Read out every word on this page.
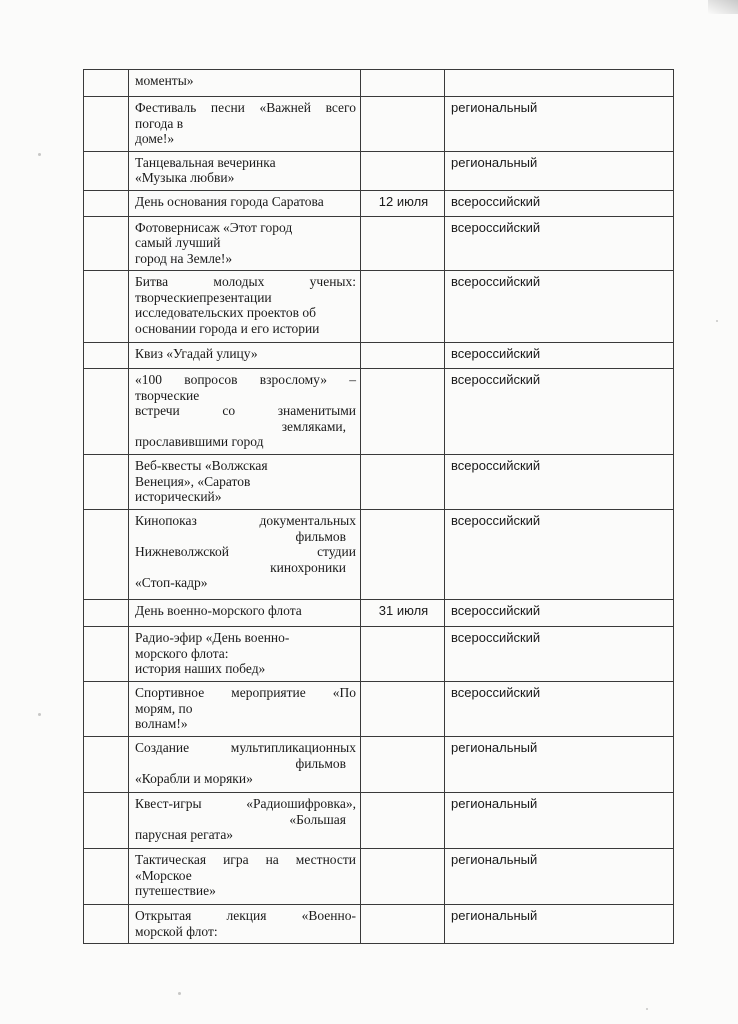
	моменты»		

	Фестиваль песни «Важней всего
погода в
доме!»		региональный

	Танцевальная вечеринка
«Музыка любви»		региональный

	День основания города Саратова	12 июля	всероссийский

	Фотовернисаж «Этот город
самый лучший
город на Земле!»		всероссийский

	Битва молодых ученых:
творческиепрезентации
исследовательских проектов об
основании города и его истории		всероссийский

	Квиз «Угадай улицу»		всероссийский

	«100 вопросов взрослому» –
творческие
встречи со знаменитыми
земляками,
прославившими город		всероссийский

	Веб-квесты «Волжская
Венеция», «Саратов
исторический»		всероссийский

	Кинопоказ документальных
фильмов
Нижневолжской студии
кинохроники
«Стоп-кадр»		всероссийский

	День военно-морского флота	31 июля	всероссийский

	Радио-эфир «День военно-
морского флота:
история наших побед»		всероссийский

	Спортивное мероприятие «По
морям, по
волнам!»		всероссийский

	Создание мультипликационных
фильмов
«Корабли и моряки»		региональный

	Квест-игры «Радиошифровка»,
«Большая
парусная регата»		региональный

	Тактическая игра на местности
«Морское
путешествие»		региональный

	Открытая лекция «Военно-
морской флот:		региональный
